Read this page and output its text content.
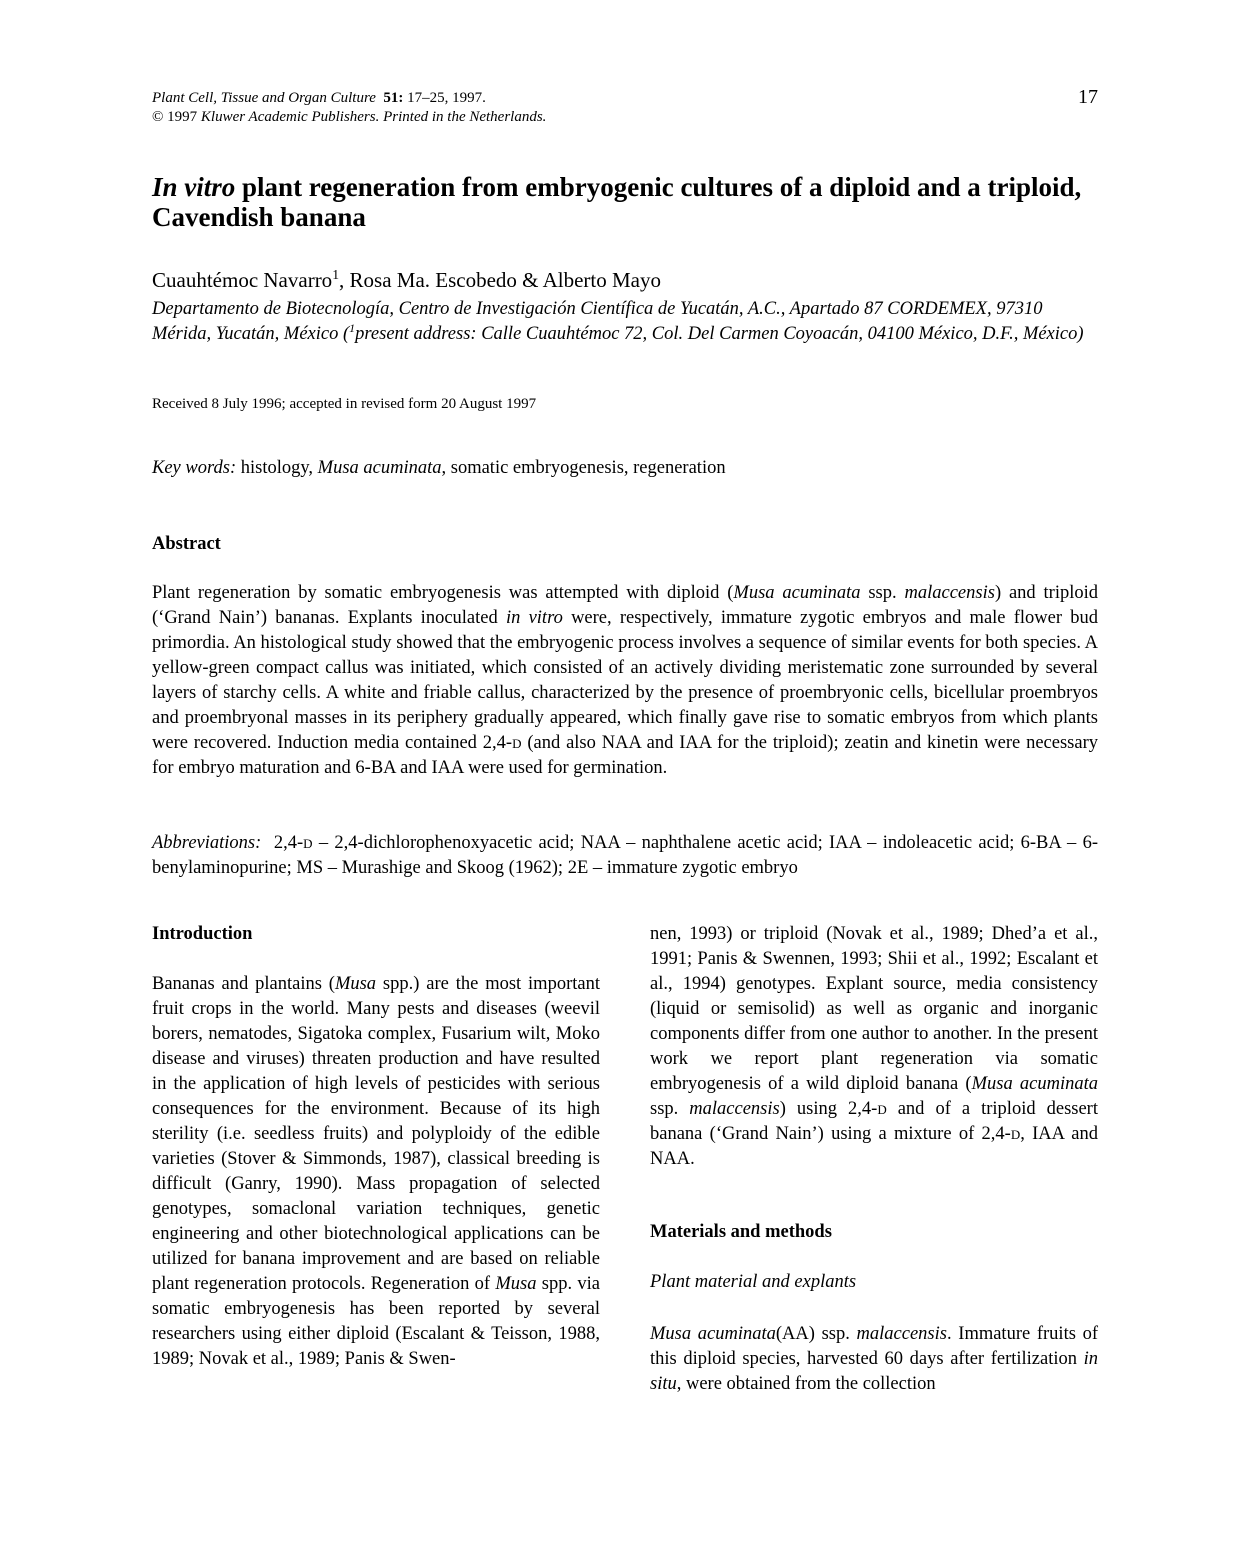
Plant Cell, Tissue and Organ Culture 51: 17–25, 1997.
© 1997 Kluwer Academic Publishers. Printed in the Netherlands.
17
In vitro plant regeneration from embryogenic cultures of a diploid and a triploid, Cavendish banana
Cuauhtémoc Navarro$^1$, Rosa Ma. Escobedo & Alberto Mayo
Departamento de Biotecnología, Centro de Investigación Científica de Yucatán, A.C., Apartado 87 CORDEMEX, 97310 Mérida, Yucatán, México ($^1$present address: Calle Cuauhtémoc 72, Col. Del Carmen Coyoacán, 04100 México, D.F., México)
Received 8 July 1996; accepted in revised form 20 August 1997
Key words: histology, Musa acuminata, somatic embryogenesis, regeneration
Abstract
Plant regeneration by somatic embryogenesis was attempted with diploid (Musa acuminata ssp. malaccensis) and triploid (‘Grand Nain’) bananas. Explants inoculated in vitro were, respectively, immature zygotic embryos and male flower bud primordia. An histological study showed that the embryogenic process involves a sequence of similar events for both species. A yellow-green compact callus was initiated, which consisted of an actively dividing meristematic zone surrounded by several layers of starchy cells. A white and friable callus, characterized by the presence of proembryonic cells, bicellular proembryos and proembryonal masses in its periphery gradually appeared, which finally gave rise to somatic embryos from which plants were recovered. Induction media contained 2,4-d (and also NAA and IAA for the triploid); zeatin and kinetin were necessary for embryo maturation and 6-BA and IAA were used for germination.
Abbreviations: 2,4-d – 2,4-dichlorophenoxyacetic acid; NAA – naphthalene acetic acid; IAA – indoleacetic acid; 6-BA – 6-benylaminopurine; MS – Murashige and Skoog (1962); 2E – immature zygotic embryo
Introduction
Bananas and plantains (Musa spp.) are the most important fruit crops in the world. Many pests and diseases (weevil borers, nematodes, Sigatoka complex, Fusarium wilt, Moko disease and viruses) threaten production and have resulted in the application of high levels of pesticides with serious consequences for the environment. Because of its high sterility (i.e. seedless fruits) and polyploidy of the edible varieties (Stover & Simmonds, 1987), classical breeding is difficult (Ganry, 1990). Mass propagation of selected genotypes, somaclonal variation techniques, genetic engineering and other biotechnological applications can be utilized for banana improvement and are based on reliable plant regeneration protocols. Regeneration of Musa spp. via somatic embryogenesis has been reported by several researchers using either diploid (Escalant & Teisson, 1988, 1989; Novak et al., 1989; Panis & Swen-
nen, 1993) or triploid (Novak et al., 1989; Dhed’a et al., 1991; Panis & Swennen, 1993; Shii et al., 1992; Escalant et al., 1994) genotypes. Explant source, media consistency (liquid or semisolid) as well as organic and inorganic components differ from one author to another. In the present work we report plant regeneration via somatic embryogenesis of a wild diploid banana (Musa acuminata ssp. malaccensis) using 2,4-d and of a triploid dessert banana (‘Grand Nain’) using a mixture of 2,4-d, IAA and NAA.
Materials and methods
Plant material and explants
Musa acuminata(AA) ssp. malaccensis. Immature fruits of this diploid species, harvested 60 days after fertilization in situ, were obtained from the collection
